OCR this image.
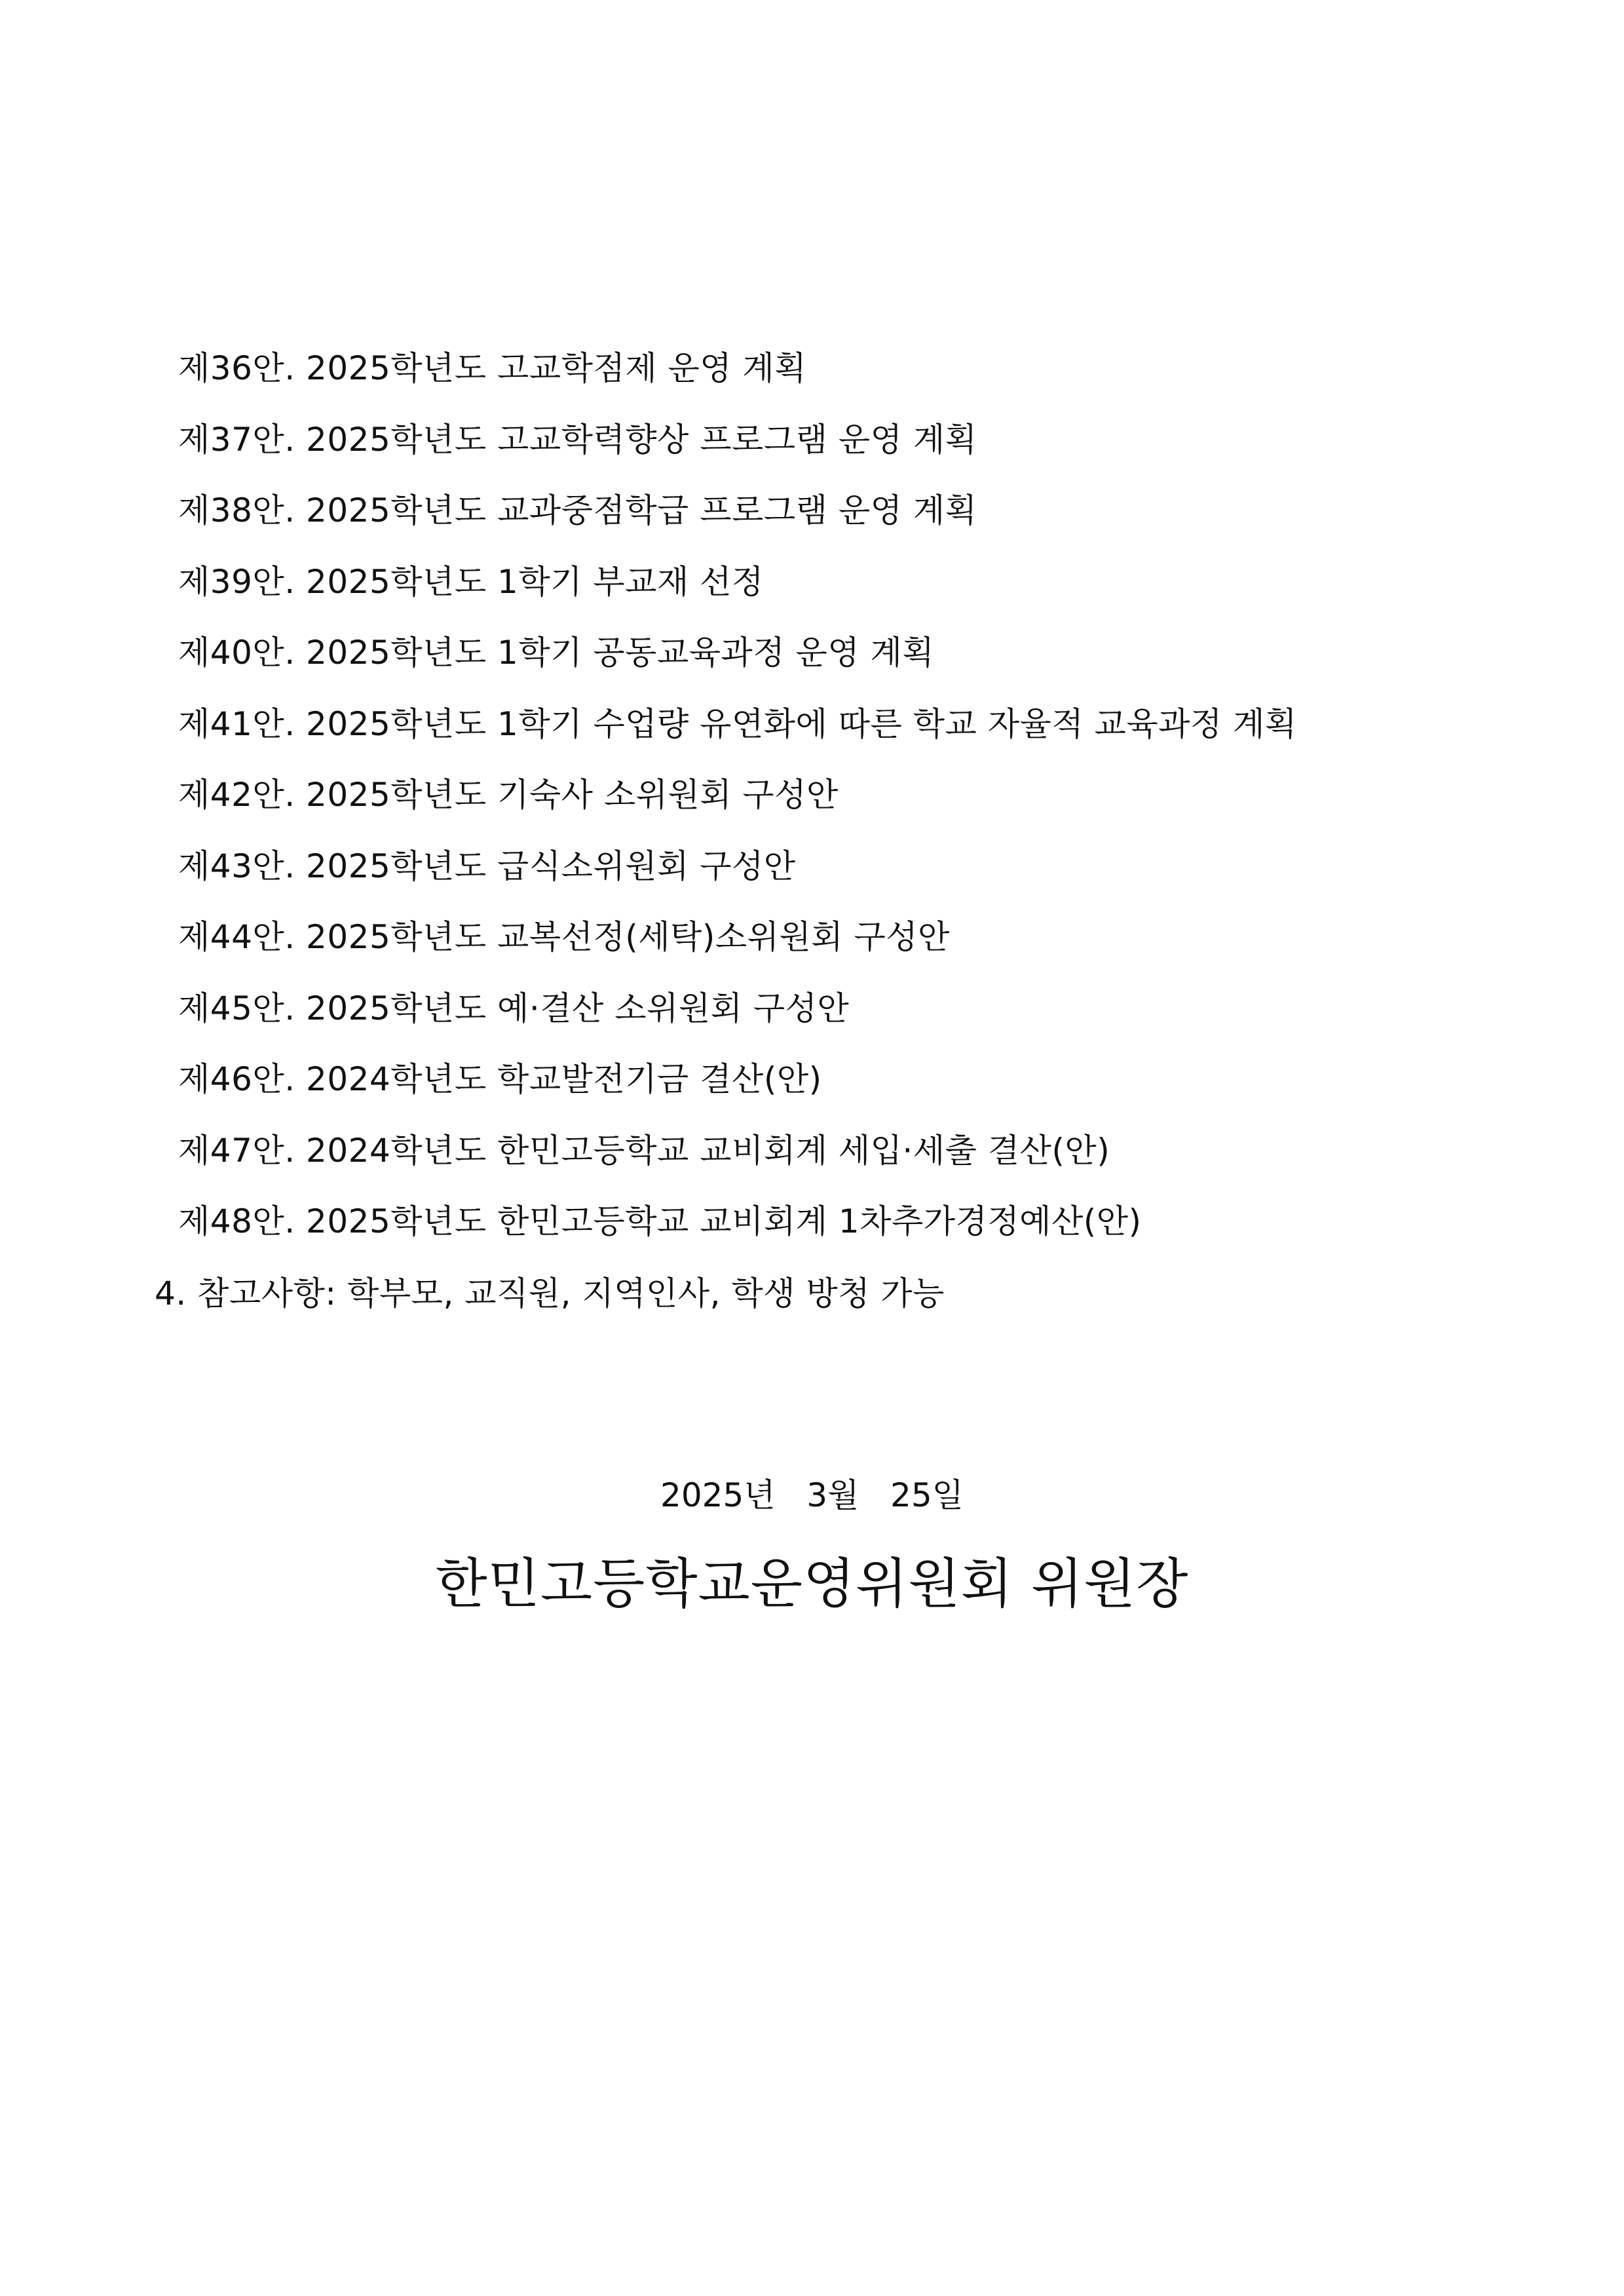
제36안. 2025학년도 고교학점제 운영 계획
제37안. 2025학년도 고교학력향상 프로그램 운영 계획
제38안. 2025학년도 교과중점학급 프로그램 운영 계획
제39안. 2025학년도 1학기 부교재 선정
제40안. 2025학년도 1학기 공동교육과정 운영 계획
제41안. 2025학년도 1학기 수업량 유연화에 따른 학교 자율적 교육과정 계획
제42안. 2025학년도 기숙사 소위원회 구성안
제43안. 2025학년도 급식소위원회 구성안
제44안. 2025학년도 교복선정(세탁)소위원회 구성안
제45안. 2025학년도 예·결산 소위원회 구성안
제46안. 2024학년도 학교발전기금 결산(안)
제47안. 2024학년도 한민고등학교 교비회계 세입·세출 결산(안)
제48안. 2025학년도 한민고등학교 교비회계 1차추가경정예산(안)
4. 참고사항: 학부모, 교직원, 지역인사, 학생 방청 가능
2025년   3월   25일
한민고등학교운영위원회 위원장
